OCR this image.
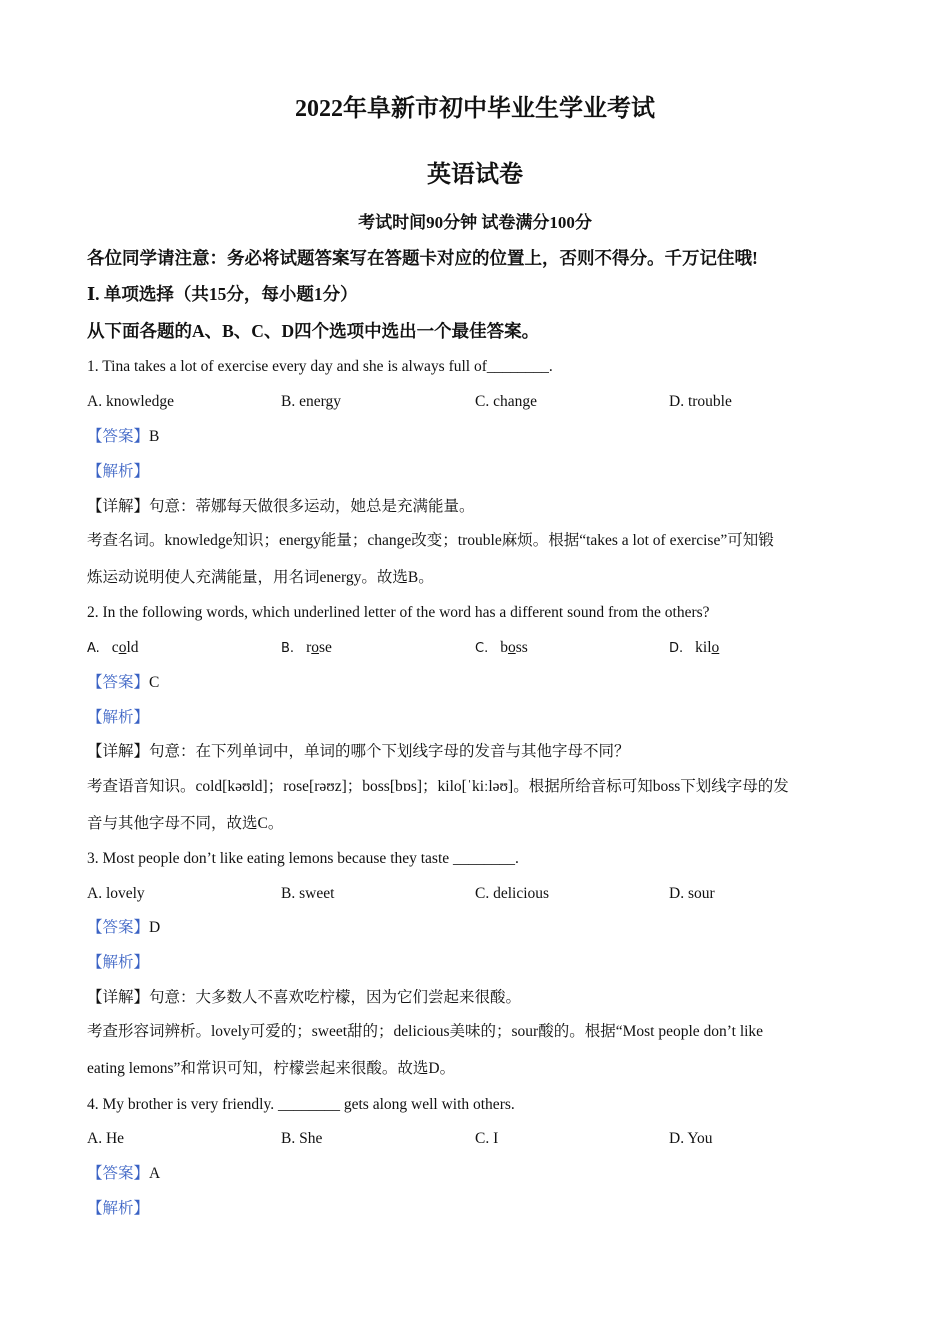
2022年阜新市初中毕业生学业考试
英语试卷
考试时间90分钟 试卷满分100分
各位同学请注意：务必将试题答案写在答题卡对应的位置上，否则不得分。千万记住哦!
Ⅰ. 单项选择（共15分，每小题1分）
从下面各题的A、B、C、D四个选项中选出一个最佳答案。
1. Tina takes a lot of exercise every day and she is always full of________.
A. knowledge	B. energy	C. change	D. trouble
【答案】B
【解析】
【详解】句意：蒂娜每天做很多运动，她总是充满能量。
考查名词。knowledge知识；energy能量；change改变；trouble麻烦。根据“takes a lot of exercise”可知锻
炼运动说明使人充满能量，用名词energy。故选B。
2. In the following words, which underlined letter of the word has a different sound from the others?
A. cold	B. rose	C. boss	D. kilo
【答案】C
【解析】
【详解】句意：在下列单词中，单词的哪个下划线字母的发音与其他字母不同？
考查语音知识。cold[kəʊld]；rose[rəʊz]；boss[bɒs]；kilo[ˈkiːləʊ]。根据所给音标可知boss下划线字母的发
音与其他字母不同，故选C。
3. Most people don’t like eating lemons because they taste ________.
A. lovely	B. sweet	C. delicious	D. sour
【答案】D
【解析】
【详解】句意：大多数人不喜欢吃柠檬，因为它们尝起来很酸。
考查形容词辨析。lovely可爱的；sweet甜的；delicious美味的；sour酸的。根据“Most people don’t like
eating lemons”和常识可知，柠檬尝起来很酸。故选D。
4. My brother is very friendly. ________ gets along well with others.
A. He	B. She	C. I	D. You
【答案】A
【解析】
